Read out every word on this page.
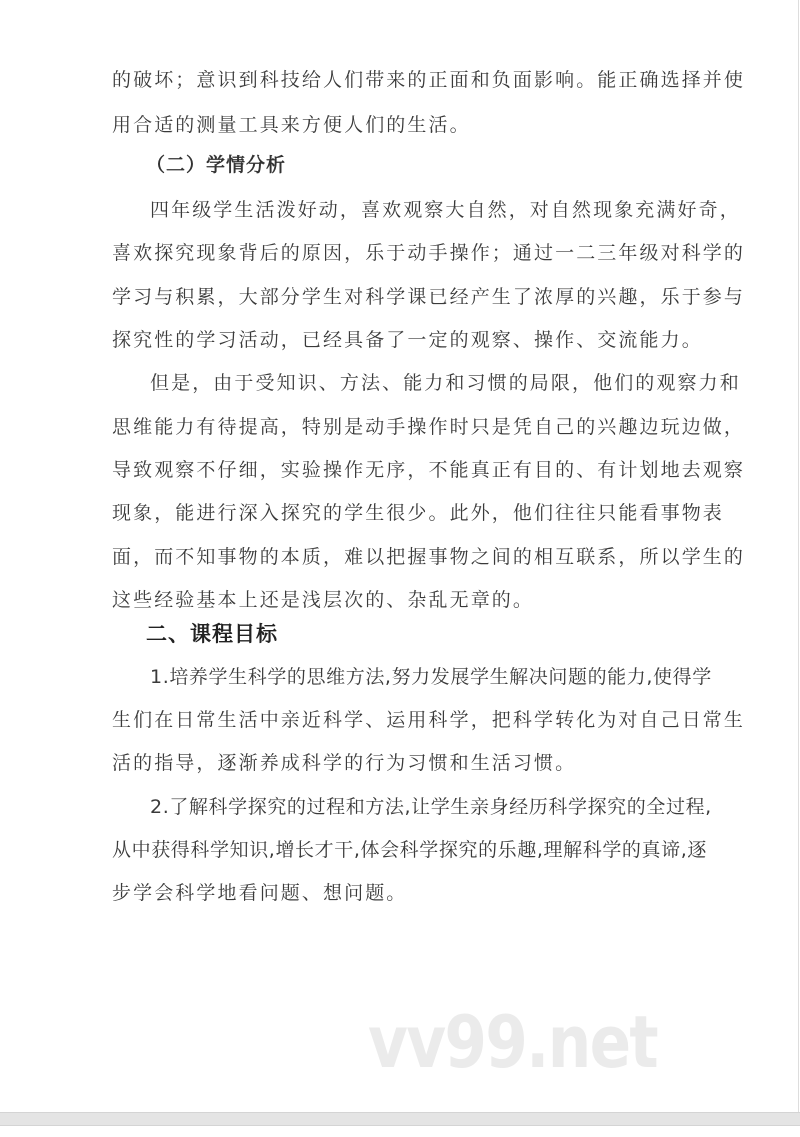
的破坏；意识到科技给人们带来的正面和负面影响。能正确选择并使
用合适的测量工具来方便人们的生活。
（二）学情分析
四年级学生活泼好动，喜欢观察大自然，对自然现象充满好奇，
喜欢探究现象背后的原因，乐于动手操作；通过一二三年级对科学的
学习与积累，大部分学生对科学课已经产生了浓厚的兴趣，乐于参与
探究性的学习活动，已经具备了一定的观察、操作、交流能力。
但是，由于受知识、方法、能力和习惯的局限，他们的观察力和
思维能力有待提高，特别是动手操作时只是凭自己的兴趣边玩边做，
导致观察不仔细，实验操作无序，不能真正有目的、有计划地去观察
现象，能进行深入探究的学生很少。此外，他们往往只能看事物表
面，而不知事物的本质，难以把握事物之间的相互联系，所以学生的
这些经验基本上还是浅层次的、杂乱无章的。
二、课程目标
1.培养学生科学的思维方法,努力发展学生解决问题的能力,使得学
生们在日常生活中亲近科学、运用科学，把科学转化为对自己日常生
活的指导，逐渐养成科学的行为习惯和生活习惯。
2.了解科学探究的过程和方法,让学生亲身经历科学探究的全过程,
从中获得科学知识,增长才干,体会科学探究的乐趣,理解科学的真谛,逐
步学会科学地看问题、想问题。
vv99.net
